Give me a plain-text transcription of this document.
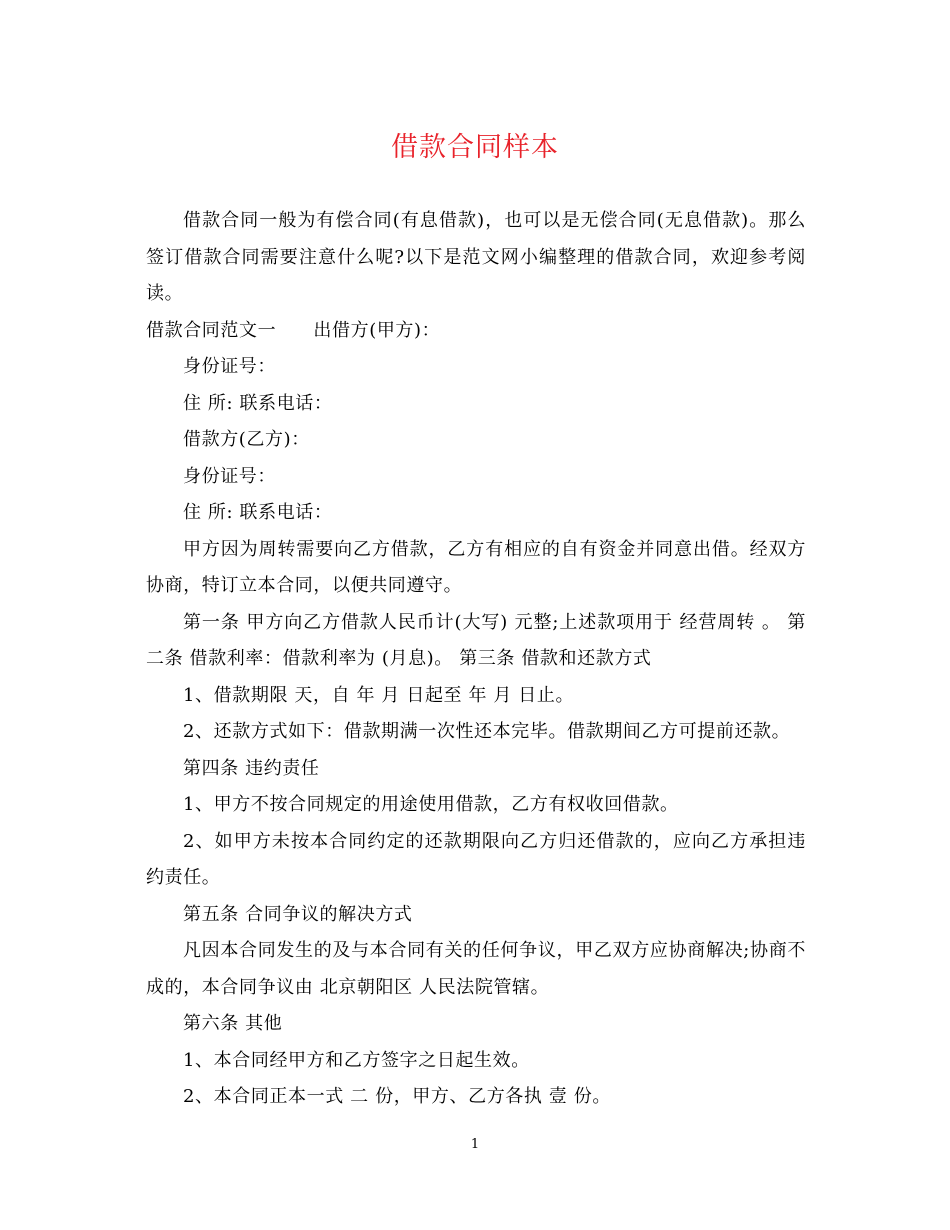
借款合同样本

借款合同一般为有偿合同(有息借款)，也可以是无偿合同(无息借款)。那么签订借款合同需要注意什么呢?以下是范文网小编整理的借款合同，欢迎参考阅读。

借款合同范文一　　出借方(甲方)：

身份证号：

住 所: 联系电话：

借款方(乙方)：

身份证号：

住 所: 联系电话：

甲方因为周转需要向乙方借款，乙方有相应的自有资金并同意出借。经双方协商，特订立本合同，以便共同遵守。

第一条 甲方向乙方借款人民币计(大写) 元整;上述款项用于 经营周转 。 第二条 借款利率：借款利率为 (月息)。 第三条 借款和还款方式

1、借款期限 天，自 年 月 日起至 年 月 日止。

2、还款方式如下：借款期满一次性还本完毕。借款期间乙方可提前还款。

第四条 违约责任

1、甲方不按合同规定的用途使用借款，乙方有权收回借款。

2、如甲方未按本合同约定的还款期限向乙方归还借款的，应向乙方承担违约责任。

第五条 合同争议的解决方式

凡因本合同发生的及与本合同有关的任何争议，甲乙双方应协商解决;协商不成的，本合同争议由 北京朝阳区 人民法院管辖。

第六条 其他

1、本合同经甲方和乙方签字之日起生效。

2、本合同正本一式 二 份，甲方、乙方各执 壹 份。

1
